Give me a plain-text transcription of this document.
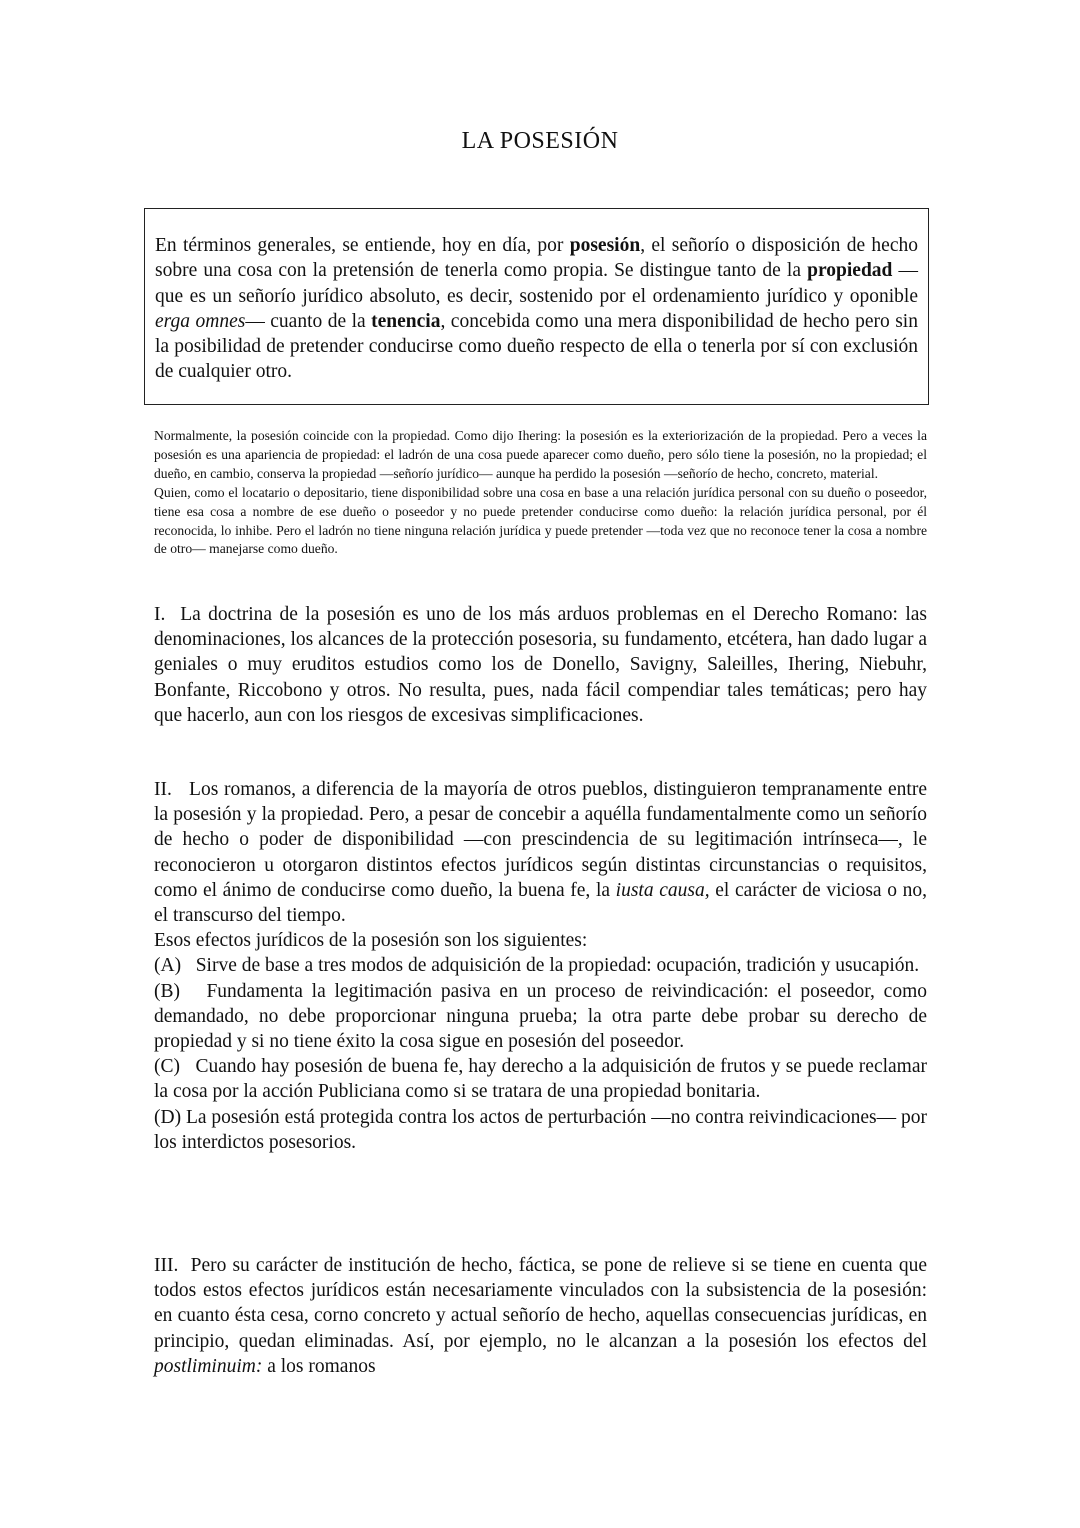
LA POSESIÓN

En términos generales, se entiende, hoy en día, por posesión, el señorío o disposición de hecho sobre una cosa con la pretensión de tenerla como propia. Se distingue tanto de la propiedad —que es un señorío jurídico absoluto, es decir, sostenido por el ordenamiento jurídico y oponible erga omnes— cuanto de la tenencia, concebida como una mera disponibilidad de hecho pero sin la posibilidad de pretender conducirse como dueño respecto de ella o tenerla por sí con exclusión de cualquier otro.

Normalmente, la posesión coincide con la propiedad. Como dijo Ihering: la posesión es la exteriorización de la propiedad. Pero a veces la posesión es una apariencia de propiedad: el ladrón de una cosa puede aparecer como dueño, pero sólo tiene la posesión, no la propiedad; el dueño, en cambio, conserva la propiedad —señorío jurídico— aunque ha perdido la posesión —señorío de hecho, concreto, material.

Quien, como el locatario o depositario, tiene disponibilidad sobre una cosa en base a una relación jurídica personal con su dueño o poseedor, tiene esa cosa a nombre de ese dueño o poseedor y no puede pretender conducirse como dueño: la relación jurídica personal, por él reconocida, lo inhibe. Pero el ladrón no tiene ninguna relación jurídica y puede pretender —toda vez que no reconoce tener la cosa a nombre de otro— manejarse como dueño.

I.  La doctrina de la posesión es uno de los más arduos problemas en el Derecho Romano: las denominaciones, los alcances de la protección posesoria, su fundamento, etcétera, han dado lugar a geniales o muy eruditos estudios como los de Donello, Savigny, Saleilles, Ihering, Niebuhr, Bonfante, Riccobono y otros. No resulta, pues, nada fácil compendiar tales temáticas; pero hay que hacerlo, aun con los riesgos de excesivas simplificaciones.

II.   Los romanos, a diferencia de la mayoría de otros pueblos, distinguieron tempranamente entre la posesión y la propiedad. Pero, a pesar de concebir a aquélla fundamentalmente como un señorío de hecho o poder de disponibilidad —con prescindencia de su legitimación intrínseca—, le  reconocieron u otorgaron distintos efectos jurídicos según distintas circunstancias o requisitos, como el ánimo de conducirse como dueño, la buena fe, la iusta causa, el carácter de viciosa o no, el transcurso del tiempo.

Esos efectos jurídicos de la posesión son los siguientes:

(A)   Sirve de base a tres modos de adquisición de la propiedad: ocupación, tradición y usucapión.

(B)   Fundamenta la legitimación pasiva en un proceso de reivindicación: el poseedor, como demandado, no debe proporcionar ninguna prueba; la otra parte debe probar su derecho de propiedad y si no tiene éxito la cosa sigue en posesión del poseedor.

(C)   Cuando hay posesión de buena fe, hay derecho a la adquisición de frutos y se puede reclamar la cosa por la acción Publiciana como si se tratara de una propiedad bonitaria.

(D) La posesión está protegida contra los actos de perturbación —no contra reivindicaciones— por los interdictos posesorios.

III.  Pero su carácter de institución de hecho, fáctica, se pone de relieve si se tiene en cuenta que todos estos efectos jurídicos están necesariamente vinculados con la subsistencia de la posesión: en cuanto ésta cesa, corno concreto y actual señorío de hecho, aquellas consecuencias jurídicas, en principio, quedan eliminadas. Así, por ejemplo, no le alcanzan a la posesión los efectos del postliminuim: a los romanos
